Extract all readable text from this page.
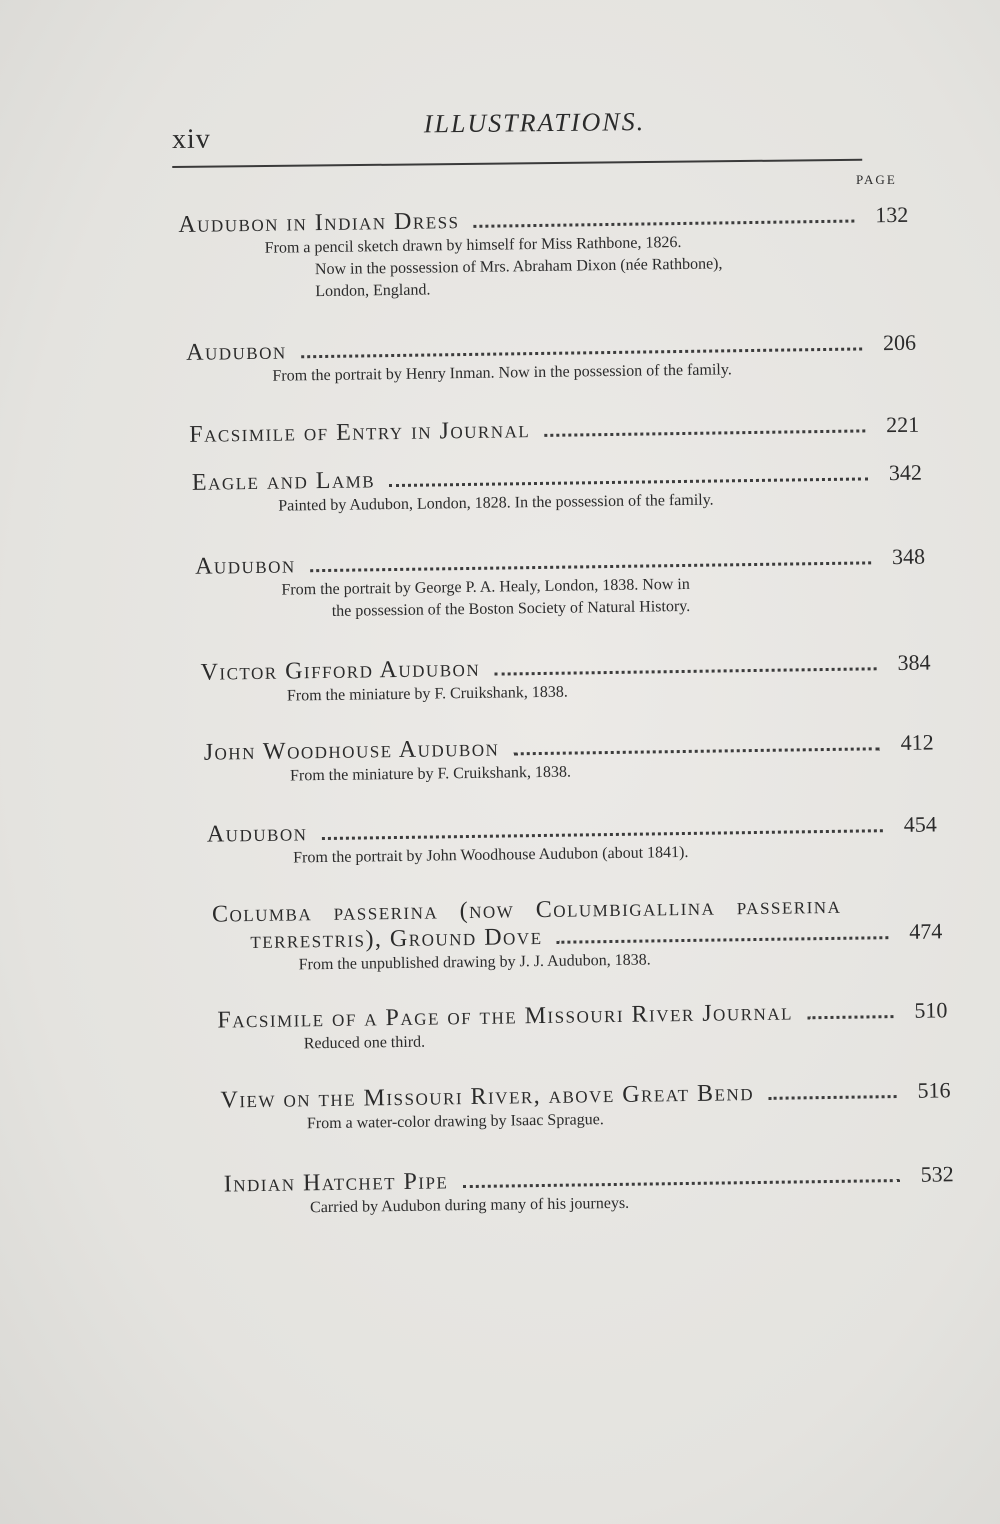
xiv
ILLUSTRATIONS.
PAGE
Audubon in Indian Dress	132
From a pencil sketch drawn by himself for Miss Rathbone, 1826.
Now in the possession of Mrs. Abraham Dixon (née Rathbone),
London, England.
Audubon	206
From the portrait by Henry Inman. Now in the possession of the family.
Facsimile of Entry in Journal	221
Eagle and Lamb	342
Painted by Audubon, London, 1828. In the possession of the family.
Audubon	348
From the portrait by George P. A. Healy, London, 1838. Now in
the possession of the Boston Society of Natural History.
Victor Gifford Audubon	384
From the miniature by F. Cruikshank, 1838.
John Woodhouse Audubon	412
From the miniature by F. Cruikshank, 1838.
Audubon	454
From the portrait by John Woodhouse Audubon (about 1841).
Columba passerina (now Columbigallina passerina
terrestris), Ground Dove	474
From the unpublished drawing by J. J. Audubon, 1838.
Facsimile of a Page of the Missouri River Journal	510
Reduced one third.
View on the Missouri River, above Great Bend	516
From a water-color drawing by Isaac Sprague.
Indian Hatchet Pipe	532
Carried by Audubon during many of his journeys.
